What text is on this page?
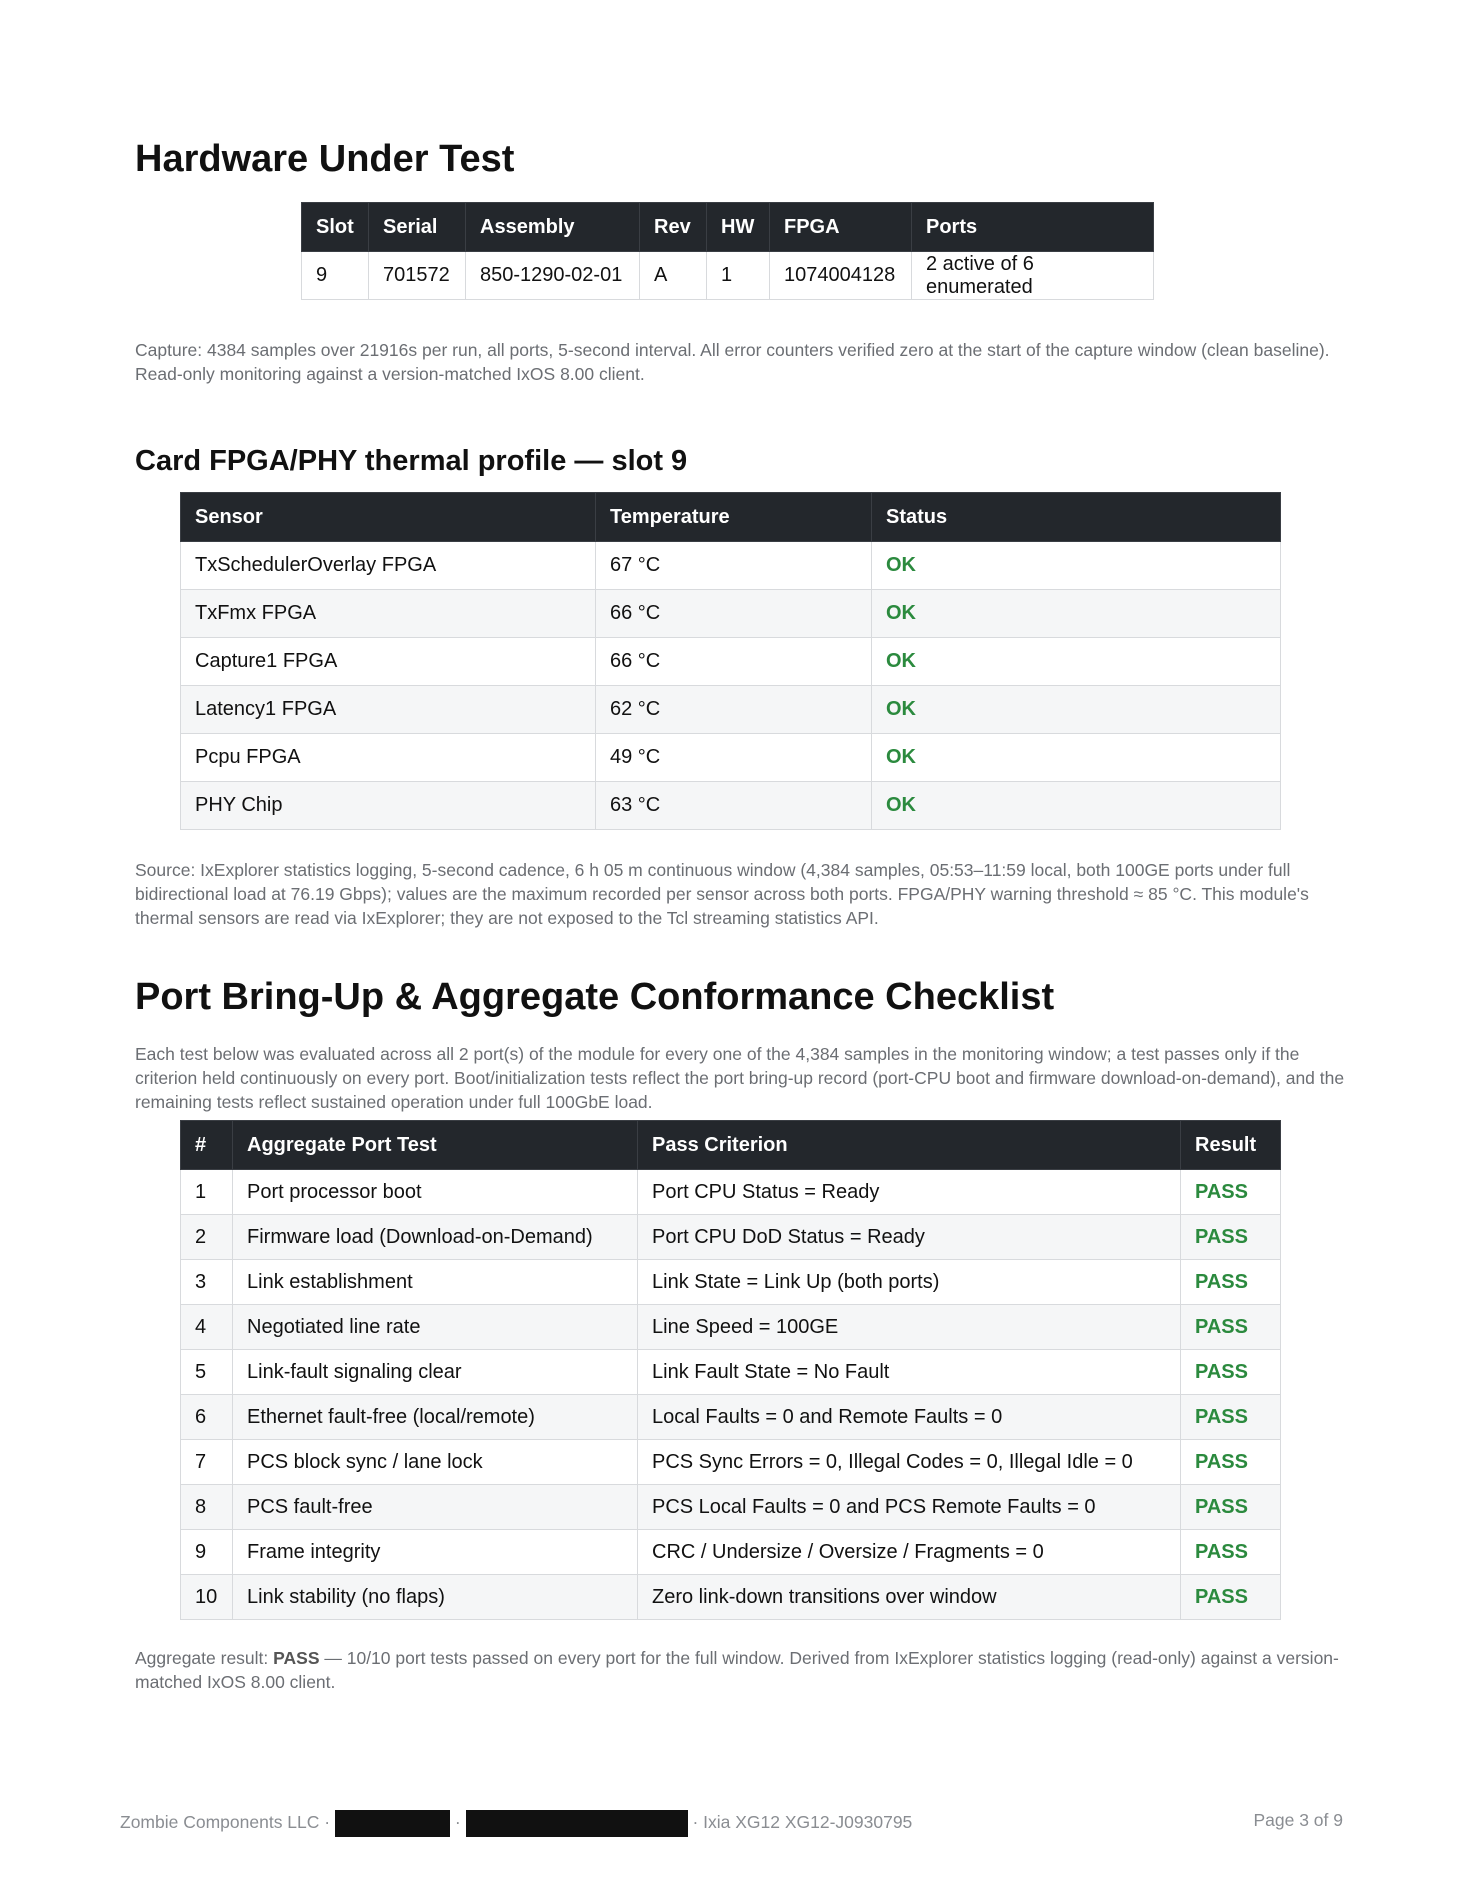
Hardware Under Test
Slot	Serial	Assembly	Rev	HW	FPGA	Ports
9	701572	850-1290-02-01	A	1	1074004128	2 active of 6 enumerated

Capture: 4384 samples over 21916s per run, all ports, 5-second interval. All error counters verified zero at the start of the capture window (clean baseline). Read-only monitoring against a version-matched IxOS 8.00 client.

Card FPGA/PHY thermal profile — slot 9
Sensor	Temperature	Status
TxSchedulerOverlay FPGA	67 °C	OK
TxFmx FPGA	66 °C	OK
Capture1 FPGA	66 °C	OK
Latency1 FPGA	62 °C	OK
Pcpu FPGA	49 °C	OK
PHY Chip	63 °C	OK

Source: IxExplorer statistics logging, 5-second cadence, 6 h 05 m continuous window (4,384 samples, 05:53–11:59 local, both 100GE ports under full bidirectional load at 76.19 Gbps); values are the maximum recorded per sensor across both ports. FPGA/PHY warning threshold ≈ 85 °C. This module's thermal sensors are read via IxExplorer; they are not exposed to the Tcl streaming statistics API.

Port Bring-Up & Aggregate Conformance Checklist

Each test below was evaluated across all 2 port(s) of the module for every one of the 4,384 samples in the monitoring window; a test passes only if the criterion held continuously on every port. Boot/initialization tests reflect the port bring-up record (port-CPU boot and firmware download-on-demand), and the remaining tests reflect sustained operation under full 100GbE load.

#	Aggregate Port Test	Pass Criterion	Result
1	Port processor boot	Port CPU Status = Ready	PASS
2	Firmware load (Download-on-Demand)	Port CPU DoD Status = Ready	PASS
3	Link establishment	Link State = Link Up (both ports)	PASS
4	Negotiated line rate	Line Speed = 100GE	PASS
5	Link-fault signaling clear	Link Fault State = No Fault	PASS
6	Ethernet fault-free (local/remote)	Local Faults = 0 and Remote Faults = 0	PASS
7	PCS block sync / lane lock	PCS Sync Errors = 0, Illegal Codes = 0, Illegal Idle = 0	PASS
8	PCS fault-free	PCS Local Faults = 0 and PCS Remote Faults = 0	PASS
9	Frame integrity	CRC / Undersize / Oversize / Fragments = 0	PASS
10	Link stability (no flaps)	Zero link-down transitions over window	PASS

Aggregate result: PASS — 10/10 port tests passed on every port for the full window. Derived from IxExplorer statistics logging (read-only) against a version-matched IxOS 8.00 client.

Zombie Components LLC ·	·	· Ixia XG12 XG12-J0930795	Page 3 of 9
